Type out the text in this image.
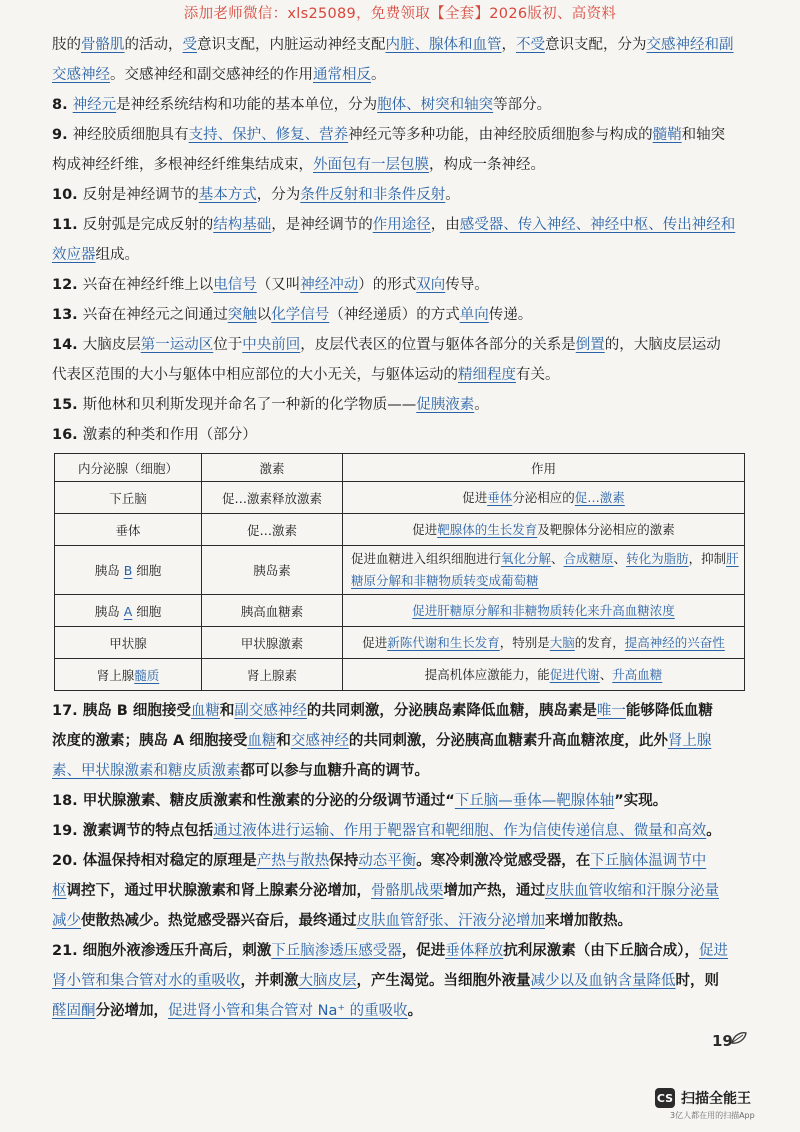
添加老师微信：xls25089，免费领取【全套】2026版初、高资料

肢的骨骼肌的活动，受意识支配，内脏运动神经支配内脏、腺体和血管，不受意识支配，分为交感神经和副

交感神经。交感神经和副交感神经的作用通常相反。

8. 神经元是神经系统结构和功能的基本单位，分为胞体、树突和轴突等部分。

9. 神经胶质细胞具有支持、保护、修复、营养神经元等多种功能，由神经胶质细胞参与构成的髓鞘和轴突

构成神经纤维，多根神经纤维集结成束，外面包有一层包膜，构成一条神经。

10. 反射是神经调节的基本方式，分为条件反射和非条件反射。

11. 反射弧是完成反射的结构基础，是神经调节的作用途径，由感受器、传入神经、神经中枢、传出神经和

效应器组成。

12. 兴奋在神经纤维上以电信号（又叫神经冲动）的形式双向传导。

13. 兴奋在神经元之间通过突触以化学信号（神经递质）的方式单向传递。

14. 大脑皮层第一运动区位于中央前回，皮层代表区的位置与躯体各部分的关系是倒置的，大脑皮层运动

代表区范围的大小与躯体中相应部位的大小无关，与躯体运动的精细程度有关。

15. 斯他林和贝利斯发现并命名了一种新的化学物质——促胰液素。

16. 激素的种类和作用（部分）

内分泌腺（细胞）	激素	作用
下丘脑	促…激素释放激素	促进垂体分泌相应的促…激素
垂体	促…激素	促进靶腺体的生长发育及靶腺体分泌相应的激素
胰岛 B 细胞	胰岛素	促进血糖进入组织细胞进行氧化分解、合成糖原、转化为脂肪，抑制肝糖原分解和非糖物质转变成葡萄糖
胰岛 A 细胞	胰高血糖素	促进肝糖原分解和非糖物质转化来升高血糖浓度
甲状腺	甲状腺激素	促进新陈代谢和生长发育，特别是大脑的发育，提高神经的兴奋性
肾上腺髓质	肾上腺素	提高机体应激能力，能促进代谢、升高血糖

17. 胰岛 B 细胞接受血糖和副交感神经的共同刺激，分泌胰岛素降低血糖，胰岛素是唯一能够降低血糖

浓度的激素；胰岛 A 细胞接受血糖和交感神经的共同刺激，分泌胰高血糖素升高血糖浓度，此外肾上腺

素、甲状腺激素和糖皮质激素都可以参与血糖升高的调节。

18. 甲状腺激素、糖皮质激素和性激素的分泌的分级调节通过“下丘脑—垂体—靶腺体轴”实现。

19. 激素调节的特点包括通过液体进行运输、作用于靶器官和靶细胞、作为信使传递信息、微量和高效。

20. 体温保持相对稳定的原理是产热与散热保持动态平衡。寒冷刺激冷觉感受器，在下丘脑体温调节中

枢调控下，通过甲状腺激素和肾上腺素分泌增加，骨骼肌战栗增加产热，通过皮肤血管收缩和汗腺分泌量

减少使散热减少。热觉感受器兴奋后，最终通过皮肤血管舒张、汗液分泌增加来增加散热。

21. 细胞外液渗透压升高后，刺激下丘脑渗透压感受器，促进垂体释放抗利尿激素（由下丘脑合成），促进

肾小管和集合管对水的重吸收，并刺激大脑皮层，产生渴觉。当细胞外液量减少以及血钠含量降低时，则

醛固酮分泌增加，促进肾小管和集合管对 Na⁺ 的重吸收。

19
CS 扫描全能王
3亿人都在用的扫描App
